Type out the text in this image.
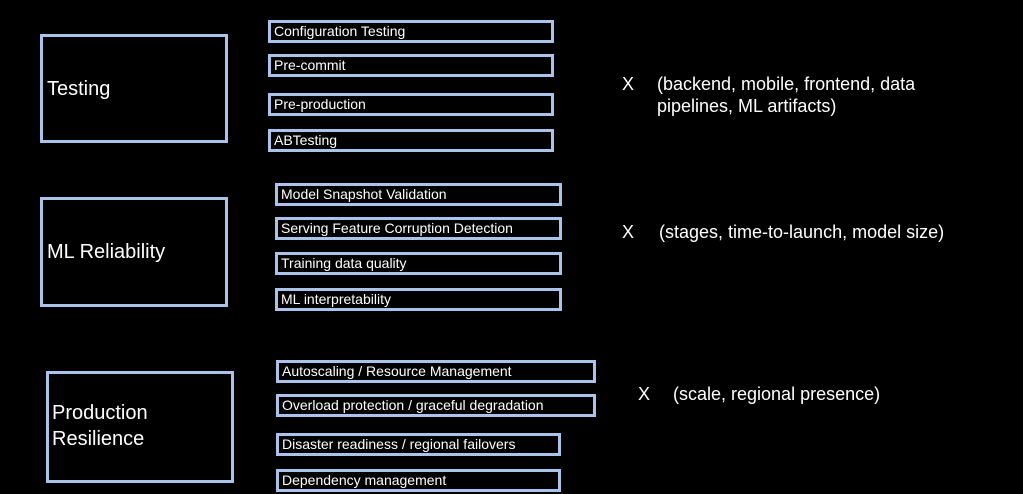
Testing
Configuration Testing
Pre-commit
Pre-production
ABTesting
X (backend, mobile, frontend, data
pipelines, ML artifacts)
ML Reliability
Model Snapshot Validation
Serving Feature Corruption Detection
Training data quality
ML interpretability
X (stages, time-to-launch, model size)
Production
Resilience
Autoscaling / Resource Management
Overload protection / graceful degradation
Disaster readiness / regional failovers
Dependency management
X (scale, regional presence)
